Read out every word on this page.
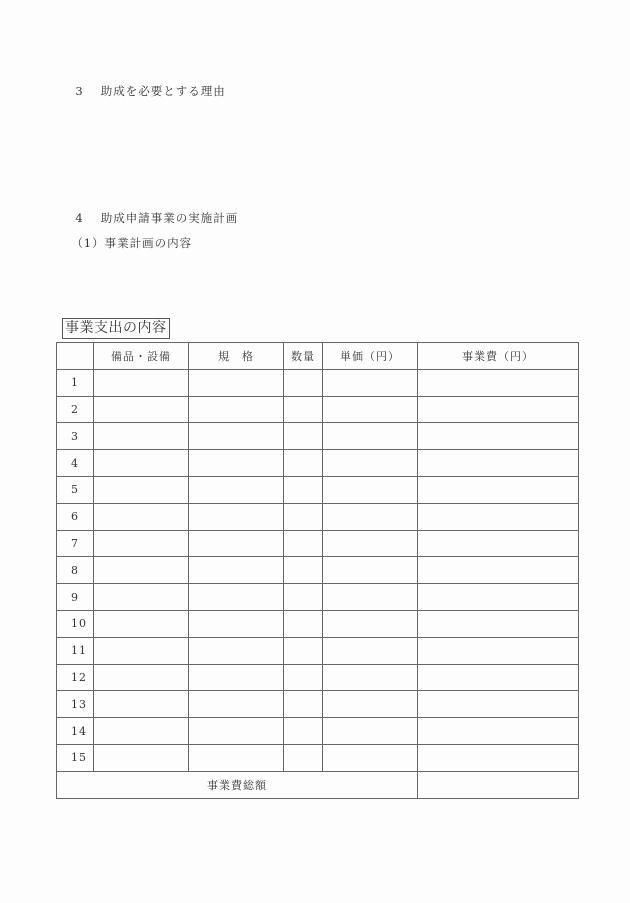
3　 助成を必要とする理由

4　 助成申請事業の実施計画

（1）事業計画の内容

事業支出の内容
	備品・設備	規　格	数量	単価（円）	事業費（円）
1					
2					
3					
4					
5					
6					
7					
8					
9					
10					
11					
12					
13					
14					
15					
事業費総額					
